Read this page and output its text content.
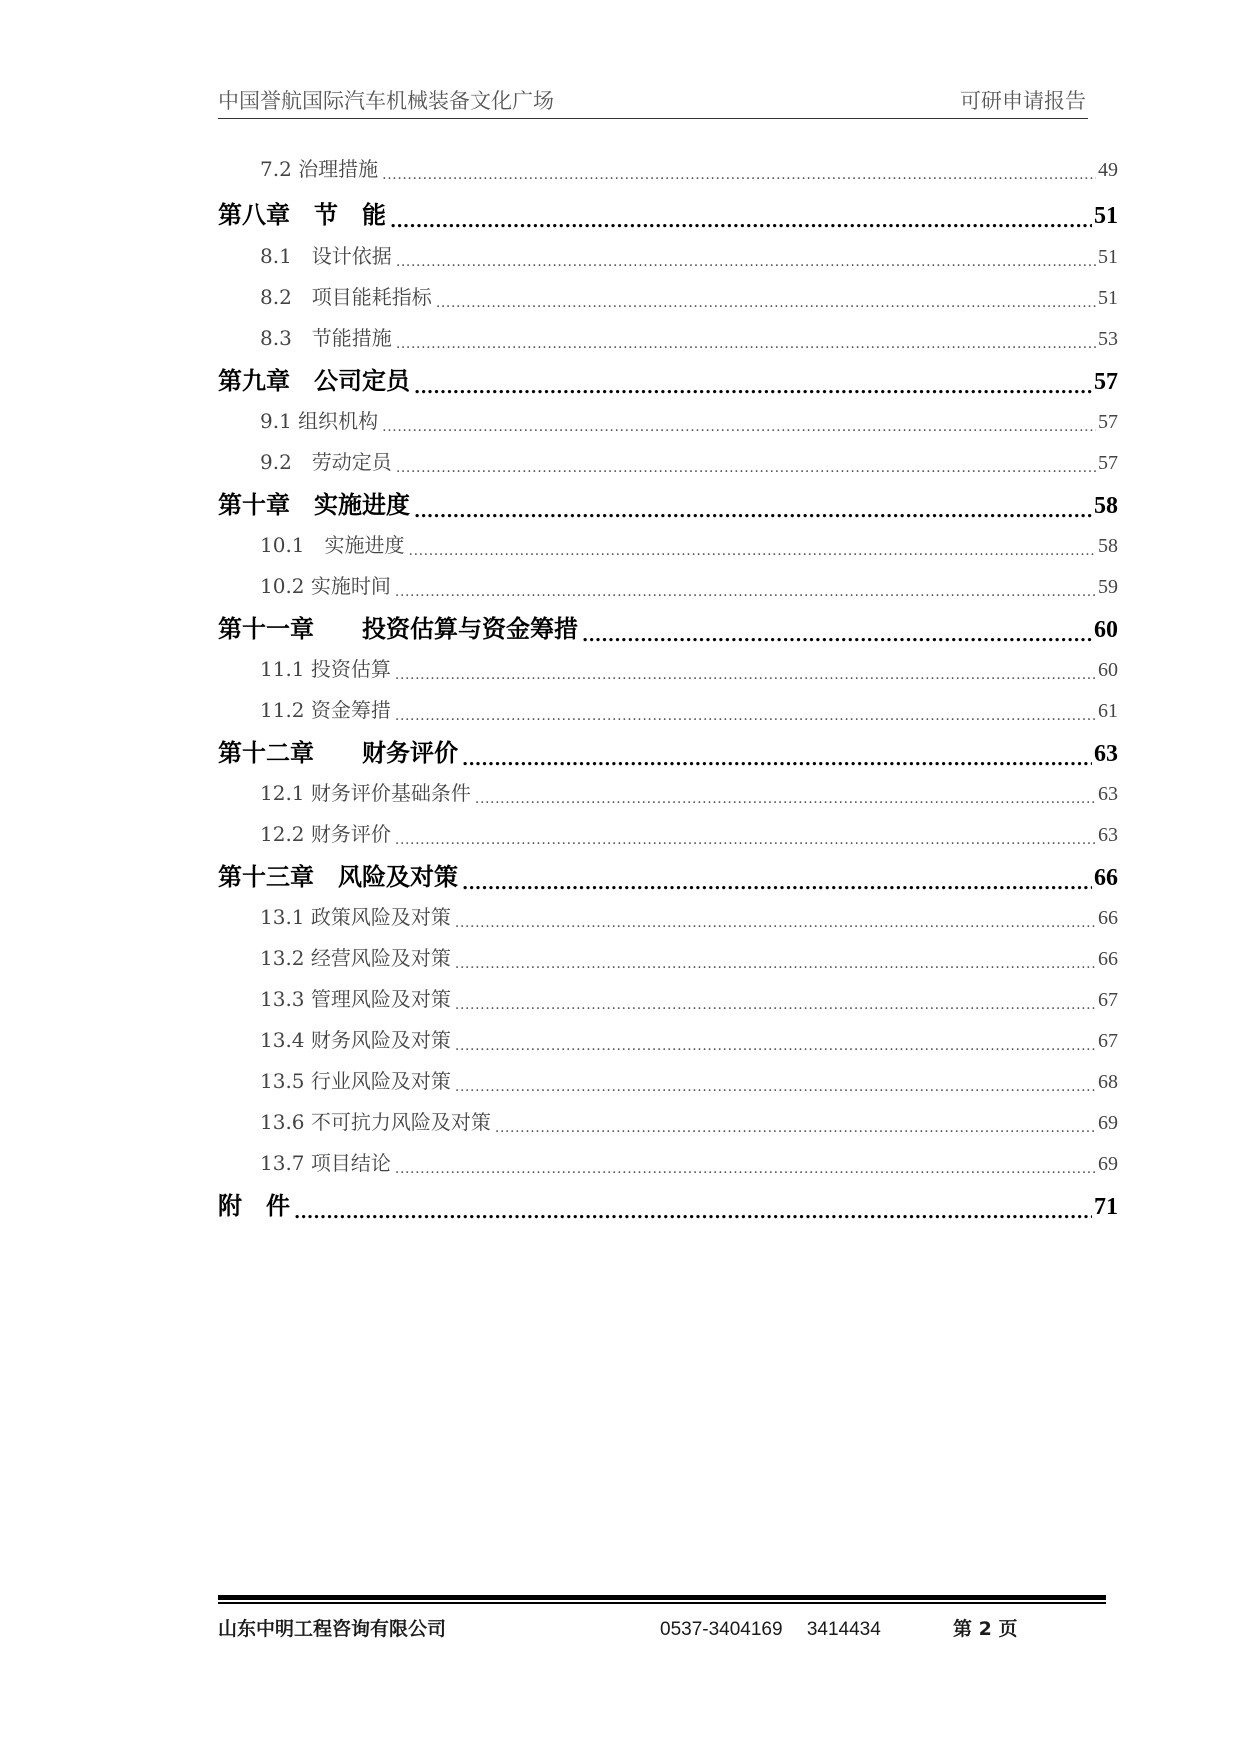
中国誉航国际汽车机械装备文化广场	可研申请报告
7.2 治理措施 .....	49
第八章　节　能 .....	51
8.1　设计依据 .....	51
8.2　项目能耗指标 .....	51
8.3　节能措施 .....	53
第九章　公司定员 .....	57
9.1 组织机构 .....	57
9.2　劳动定员 .....	57
第十章　实施进度 .....	58
10.1　实施进度 .....	58
10.2 实施时间 .....	59
第十一章　　投资估算与资金筹措 .....	60
11.1 投资估算 .....	60
11.2 资金筹措 .....	61
第十二章　　财务评价 .....	63
12.1 财务评价基础条件 .....	63
12.2 财务评价 .....	63
第十三章　风险及对策 .....	66
13.1 政策风险及对策 .....	66
13.2 经营风险及对策 .....	66
13.3 管理风险及对策 .....	67
13.4 财务风险及对策 .....	67
13.5 行业风险及对策 .....	68
13.6 不可抗力风险及对策 .....	69
13.7 项目结论 .....	69
附　件 .....	71
山东中明工程咨询有限公司	0537-3404169　 3414434	第 2 页
